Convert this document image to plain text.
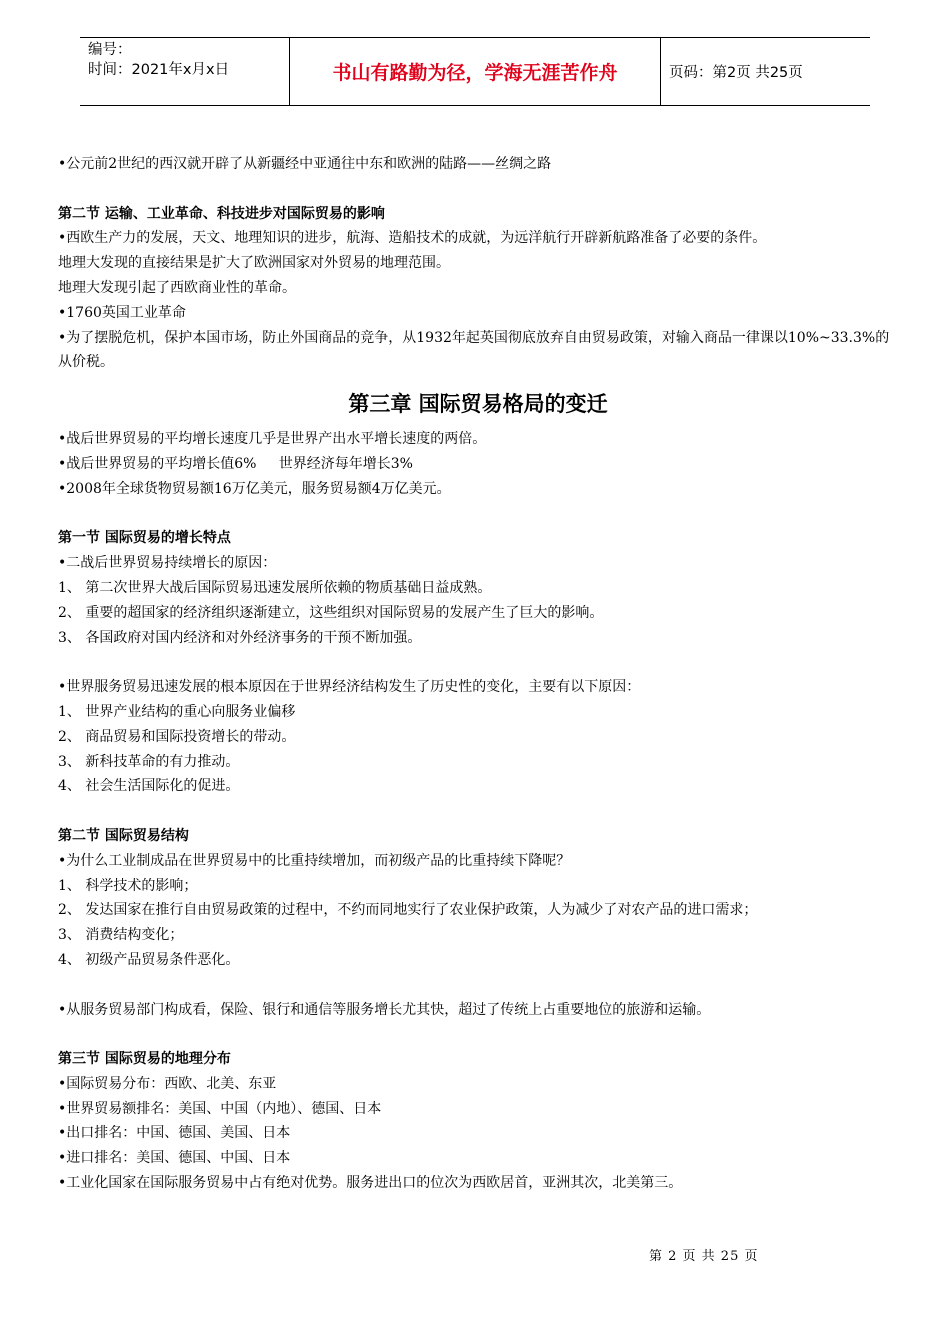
编号：
时间：2021年x月x日	书山有路勤为径，学海无涯苦作舟	页码：第2页 共25页

•公元前2世纪的西汉就开辟了从新疆经中亚通往中东和欧洲的陆路——丝绸之路

第二节 运输、工业革命、科技进步对国际贸易的影响

•西欧生产力的发展，天文、地理知识的进步，航海、造船技术的成就，为远洋航行开辟新航路准备了必要的条件。

地理大发现的直接结果是扩大了欧洲国家对外贸易的地理范围。

地理大发现引起了西欧商业性的革命。

•1760英国工业革命

•为了摆脱危机，保护本国市场，防止外国商品的竞争，从1932年起英国彻底放弃自由贸易政策，对输入商品一律课以10%~33.3%的从价税。

第三章 国际贸易格局的变迁

•战后世界贸易的平均增长速度几乎是世界产出水平增长速度的两倍。

•战后世界贸易的平均增长值6%     世界经济每年增长3%

•2008年全球货物贸易额16万亿美元，服务贸易额4万亿美元。

第一节 国际贸易的增长特点

•二战后世界贸易持续增长的原因：

1、 第二次世界大战后国际贸易迅速发展所依赖的物质基础日益成熟。

2、 重要的超国家的经济组织逐渐建立，这些组织对国际贸易的发展产生了巨大的影响。

3、 各国政府对国内经济和对外经济事务的干预不断加强。

•世界服务贸易迅速发展的根本原因在于世界经济结构发生了历史性的变化，主要有以下原因：

1、 世界产业结构的重心向服务业偏移

2、 商品贸易和国际投资增长的带动。

3、 新科技革命的有力推动。

4、 社会生活国际化的促进。

第二节 国际贸易结构

•为什么工业制成品在世界贸易中的比重持续增加，而初级产品的比重持续下降呢？

1、 科学技术的影响；

2、 发达国家在推行自由贸易政策的过程中，不约而同地实行了农业保护政策，人为减少了对农产品的进口需求；

3、 消费结构变化；

4、 初级产品贸易条件恶化。

•从服务贸易部门构成看，保险、银行和通信等服务增长尤其快，超过了传统上占重要地位的旅游和运输。

第三节 国际贸易的地理分布

•国际贸易分布：西欧、北美、东亚

•世界贸易额排名：美国、中国（内地）、德国、日本

•出口排名：中国、德国、美国、日本

•进口排名：美国、德国、中国、日本

•工业化国家在国际服务贸易中占有绝对优势。服务进出口的位次为西欧居首，亚洲其次，北美第三。

第 2 页 共 25 页
